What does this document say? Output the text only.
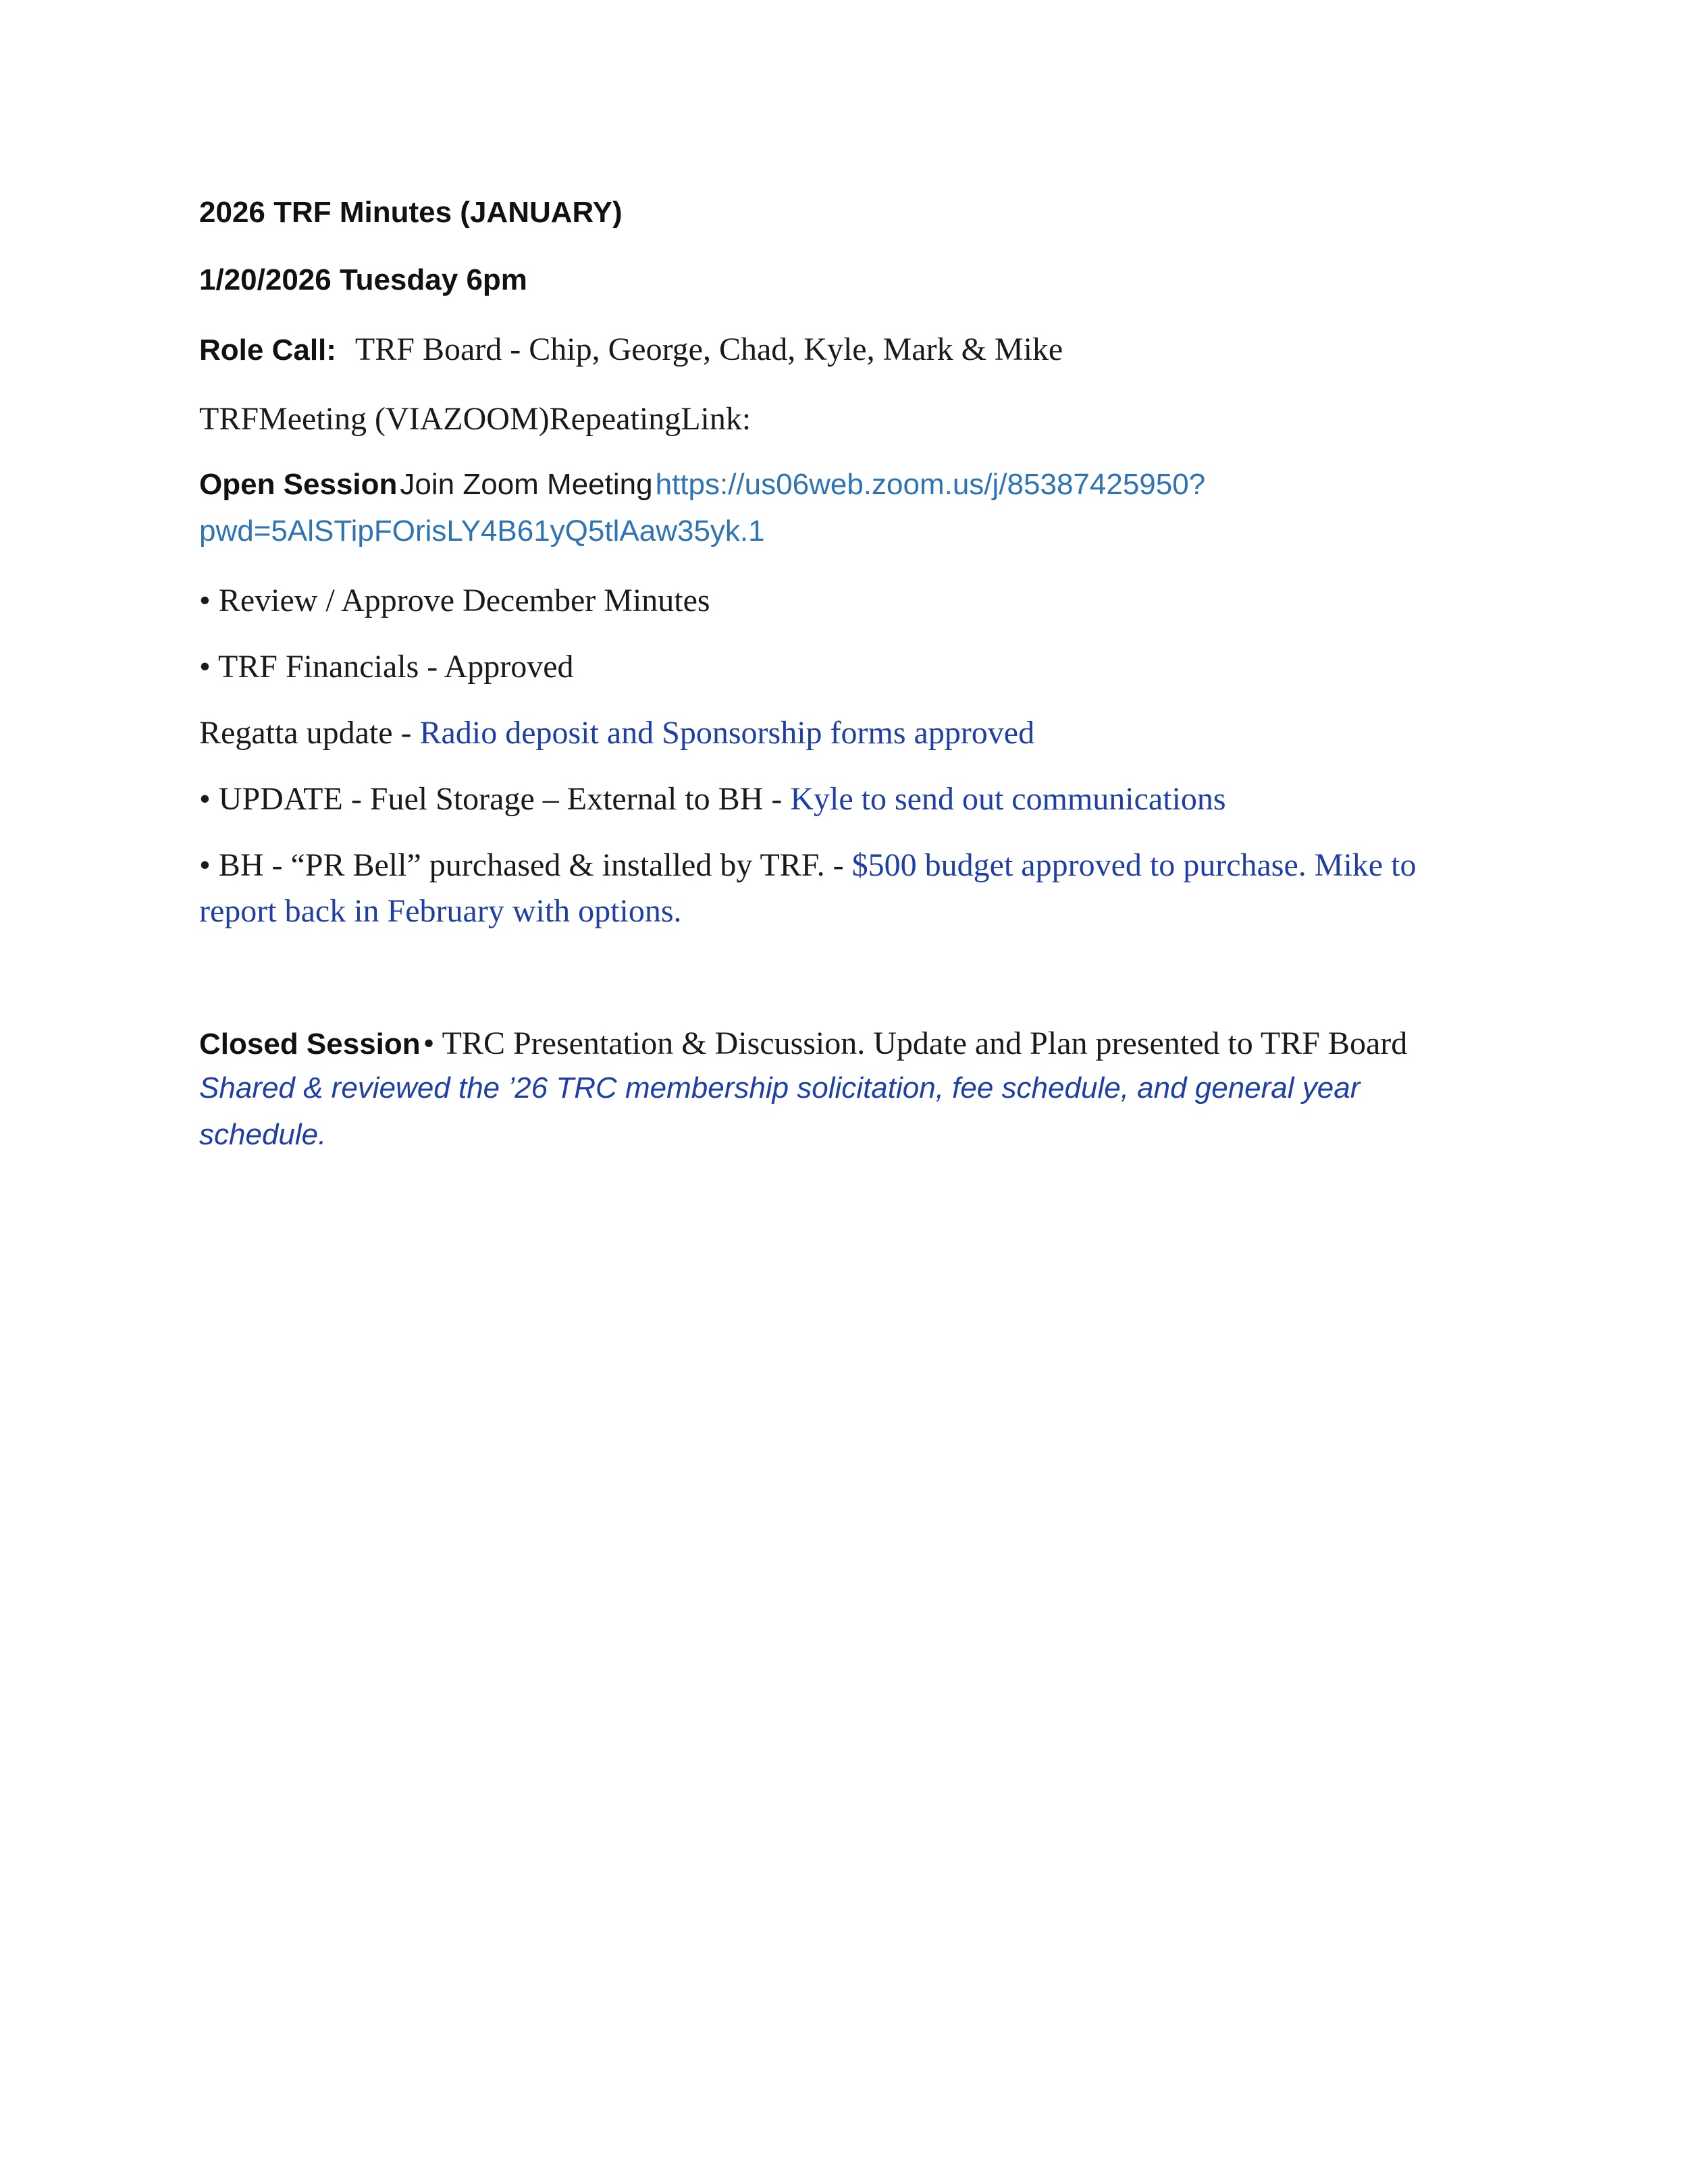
2026 TRF Minutes (JANUARY)

1/20/2026 Tuesday 6pm

Role Call: TRF Board - Chip, George, Chad, Kyle, Mark & Mike

TRFMeeting (VIAZOOM)RepeatingLink:

Open Session Join Zoom Meeting https://us06web.zoom.us/j/85387425950?

pwd=5AlSTipFOrisLY4B61yQ5tlAaw35yk.1

• Review / Approve December Minutes

• TRF Financials - Approved

Regatta update - Radio deposit and Sponsorship forms approved

• UPDATE - Fuel Storage – External to BH - Kyle to send out communications

• BH - “PR Bell” purchased & installed by TRF. - $500 budget approved to purchase. Mike to

report back in February with options.

Closed Session • TRC Presentation & Discussion. Update and Plan presented to TRF Board

Shared & reviewed the ’26 TRC membership solicitation, fee schedule, and general year

schedule.
